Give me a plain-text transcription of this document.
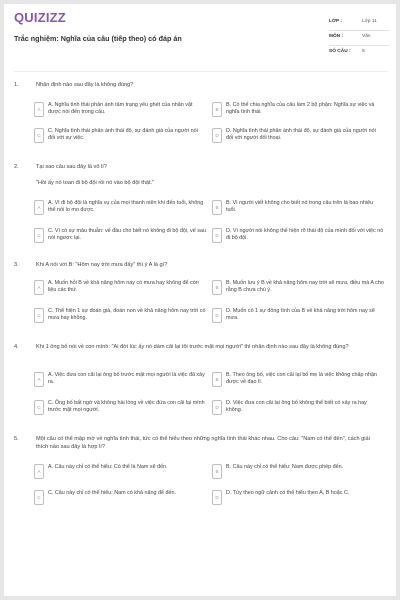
QUIZIZZ
Trắc nghiệm: Nghĩa của câu (tiếp theo) có đáp án
LỚP :	Lớp 11
MÔN :	Văn
SỐ CÂU : 5
1.	Nhận định nào sau đây là không đúng?
A
A. Nghĩa tình thái phản ánh tâm trạng yêu ghét của nhân vật được nói đến trong câu.	B
B. Có thể chia nghĩa của câu làm 2 bộ phận: Nghĩa sự việc và nghĩa tình thái.
C
C. Nghĩa tình thái phản ánh thái độ, sự đánh giá của người nói đối với sự việc.	D
D. Nghĩa tình thái phản ánh thái độ, sự đánh giá của người nói đối với người đối thoại.
2.	Tại sao câu sau đây là vô lí?
"Hồi ấy nó toan đi bộ đội rồi nó vào bộ đội thật."
A
A. Vì đi bộ đội là nghĩa vụ của mọi thanh niên khi đến tuổi, không thể nói lo mo được.	B
B. Vì người viết không cho biết nó trong câu trên là bao nhiêu tuổi.
C
C. Vì có sự mâu thuẫn: vế đầu cho biết nó không đi bộ đội, vế sau nói ngược lại.	D
D. Vì người nói không thể hiện rõ thái độ của mình đối với việc nó đi bộ đội.
3.	Khi A nói với B: "Hôm nay trời mưa đấy" thì ý A là gì?
A
A. Muốn hỏi B về khả năng hôm nay có mưa hay không để còn liệu các thứ.	B
B. Muốn lưu ý B về khả năng hôm nay trời sẽ mưa, điều mà A cho rằng B chưa chú ý.
C
C. Thể hiện 1 sự đoán già, đoán non về khả năng hôm nay trời có mưa hay không.	D
D. Muốn có 1 sự đồng tình của B về khả năng trời hôm nay sẽ mưa.
4.	Khi 1 ông bố nói về con mình: "Ai đời lúc ấy nó dám cãi lại tôi trước mặt mọi người" thì nhận định nào sau đây là không đúng?
A
A. Việc đưa con cãi lại ông bố trước mặt mọi người là việc đã xảy ra.	B
B. Theo ông bố, việc con cãi lại bố mẹ là việc không chấp nhận được về đạo lí.
C
C. Ông bố bất ngờ và không hài lòng về việc đứa con cãi lại mình trước mặt mọi người.	D
D. Việc đưa con cãi lại ông bố không thể biết có xảy ra hay không.
5.	Một câu có thể mập mờ về nghĩa tình thái, tức có thể hiểu theo những nghĩa tình thái khác nhau. Cho câu: "Nam có thể đến", cách giải thích nào sau đây là hợp lí?
A
A. Câu này chỉ có thể hiểu: Có thể là Nam sẽ đến.
B
B. Câu này chỉ có thể hiểu: Nam được phép đến.
C
C. Câu này chỉ có thể hiểu: Nam có khả năng để đến.
D
D. Tùy theo ngữ cảnh có thể hiểu theo A, B hoặc C.
